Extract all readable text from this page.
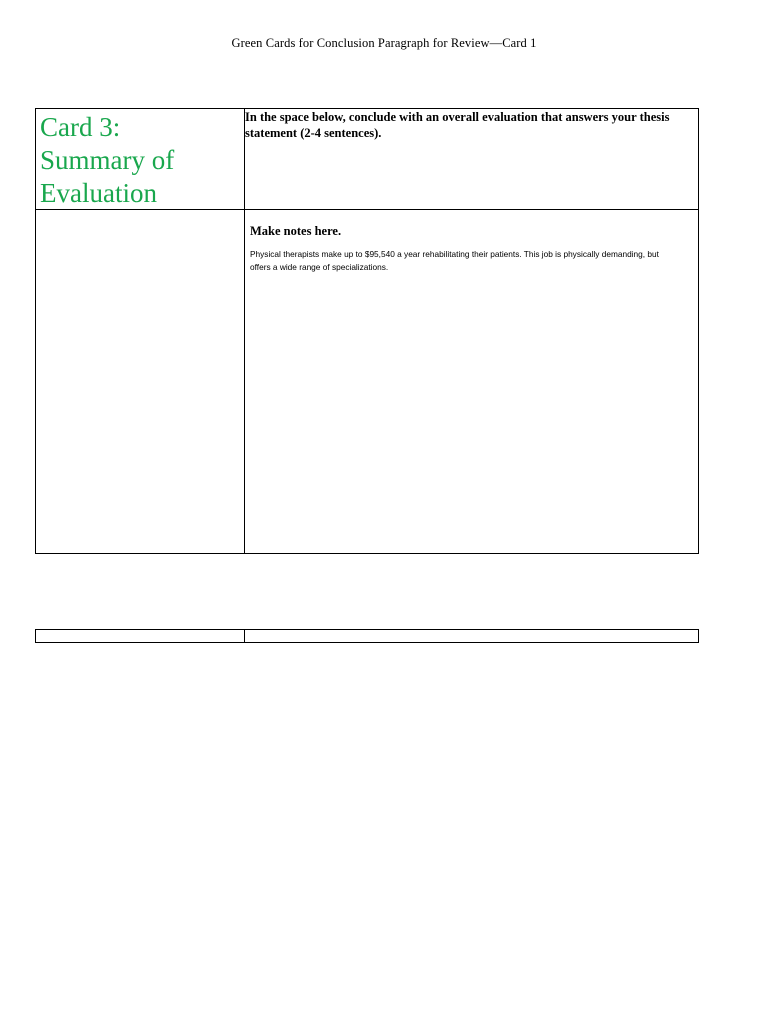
Green Cards for Conclusion Paragraph for Review—Card 1
Card 3:
Summary of
Evaluation	In the space below, conclude with an overall evaluation that answers your thesis statement (2-4 sentences).

	Make notes here.
Physical therapists make up to $95,540 a year rehabilitating their patients. This job is physically demanding, but offers a wide range of specializations.
